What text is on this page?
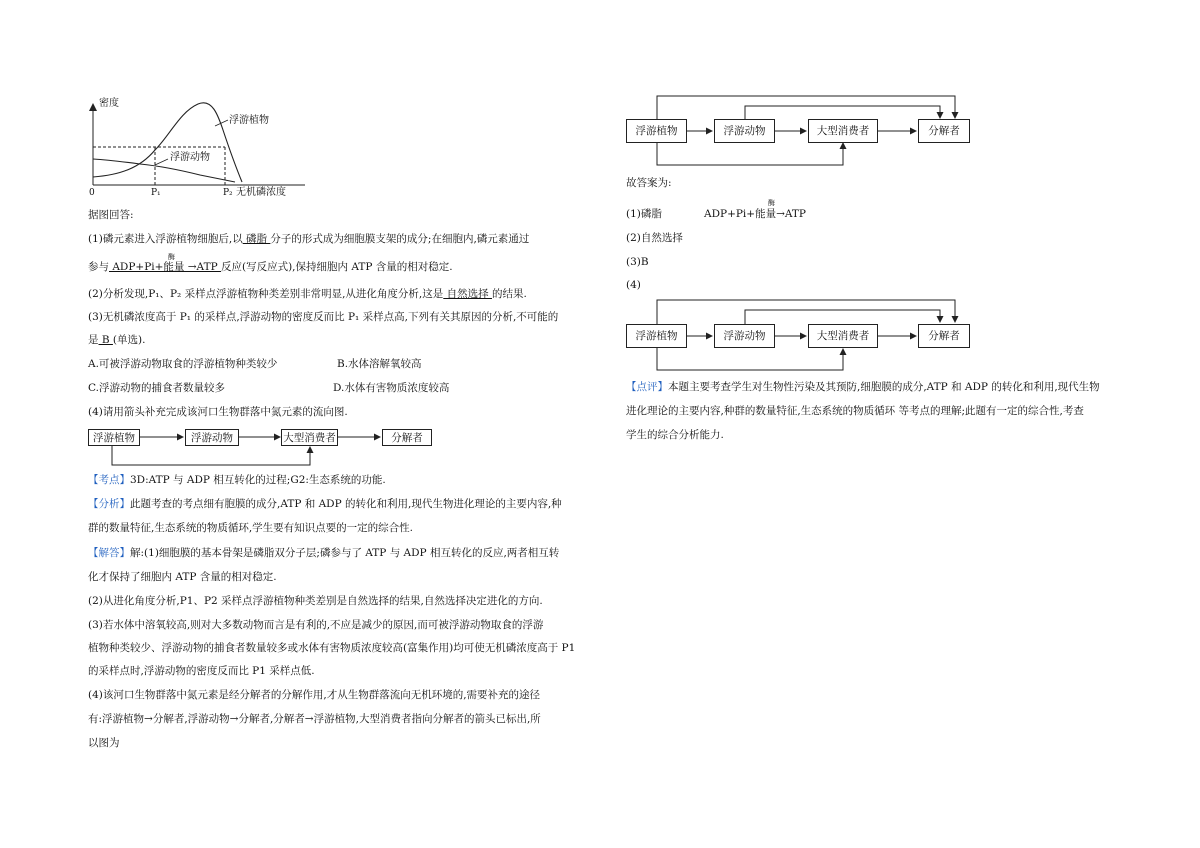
密度
浮游植物
浮游动物
0	P₁	P₂ 无机磷浓度
据图回答:
(1)磷元素进入浮游植物细胞后,以 磷脂 分子的形式成为细胞膜支架的成分;在细胞内,磷元素通过
酶
参与 ADP+Pi+能量 →ATP 反应(写反应式),保持细胞内 ATP 含量的相对稳定.
(2)分析发现,P₁、P₂ 采样点浮游植物种类差别非常明显,从进化角度分析,这是 自然选择 的结果.
(3)无机磷浓度高于 P₁ 的采样点,浮游动物的密度反而比 P₁ 采样点高,下列有关其原因的分析,不可能的
是 B (单选).
A.可被浮游动物取食的浮游植物种类较少	B.水体溶解氧较高
C.浮游动物的捕食者数量较多	D.水体有害物质浓度较高
(4)请用箭头补充完成该河口生物群落中氮元素的流向图.
浮游植物	浮游动物	大型消费者	分解者
【考点】3D:ATP 与 ADP 相互转化的过程;G2:生态系统的功能.
【分析】此题考查的考点细有胞膜的成分,ATP 和 ADP 的转化和利用,现代生物进化理论的主要内容,种
群的数量特征,生态系统的物质循环,学生要有知识点要的一定的综合性.
【解答】解:(1)细胞膜的基本骨架是磷脂双分子层;磷参与了 ATP 与 ADP 相互转化的反应,两者相互转
化才保持了细胞内 ATP 含量的相对稳定.
(2)从进化角度分析,P1、P2 采样点浮游植物种类差别是自然选择的结果,自然选择决定进化的方向.
(3)若水体中溶氧较高,则对大多数动物而言是有利的,不应是减少的原因,而可被浮游动物取食的浮游
植物种类较少、浮游动物的捕食者数量较多或水体有害物质浓度较高(富集作用)均可使无机磷浓度高于 P1
的采样点时,浮游动物的密度反而比 P1 采样点低.
(4)该河口生物群落中氮元素是经分解者的分解作用,才从生物群落流向无机环境的,需要补充的途径
有:浮游植物→分解者,浮游动物→分解者,分解者→浮游植物,大型消费者指向分解者的箭头已标出,所
以图为
浮游植物	浮游动物	大型消费者	分解者
故答案为:
(1)磷脂
酶
ADP+Pi+能量→ATP
(2)自然选择
(3)B
(4)
浮游植物	浮游动物	大型消费者	分解者
【点评】本题主要考查学生对生物性污染及其预防,细胞膜的成分,ATP 和 ADP 的转化和利用,现代生物
进化理论的主要内容,种群的数量特征,生态系统的物质循环 等考点的理解;此题有一定的综合性,考查
学生的综合分析能力.
